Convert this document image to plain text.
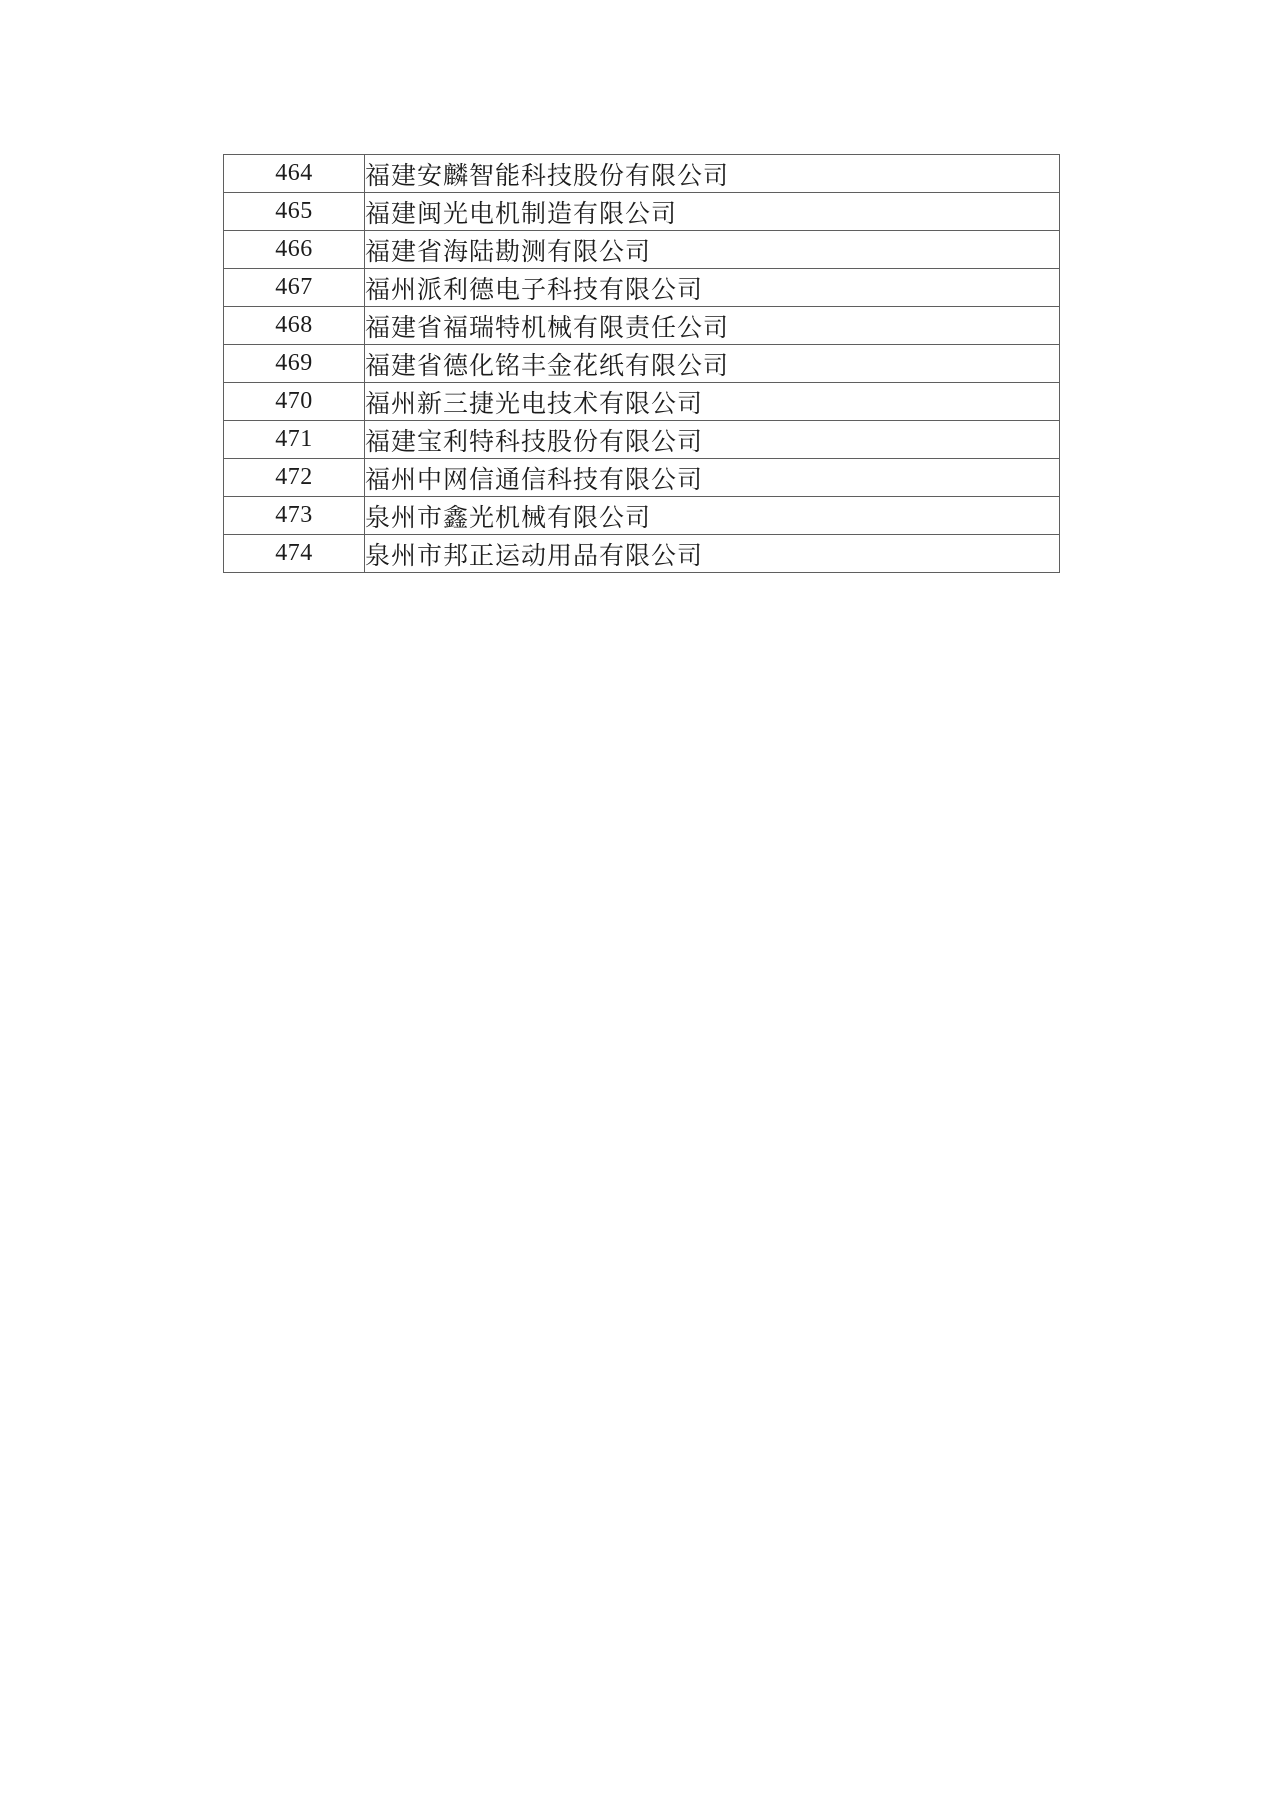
464	福建安麟智能科技股份有限公司
465	福建闽光电机制造有限公司
466	福建省海陆勘测有限公司
467	福州派利德电子科技有限公司
468	福建省福瑞特机械有限责任公司
469	福建省德化铭丰金花纸有限公司
470	福州新三捷光电技术有限公司
471	福建宝利特科技股份有限公司
472	福州中网信通信科技有限公司
473	泉州市鑫光机械有限公司
474	泉州市邦正运动用品有限公司
